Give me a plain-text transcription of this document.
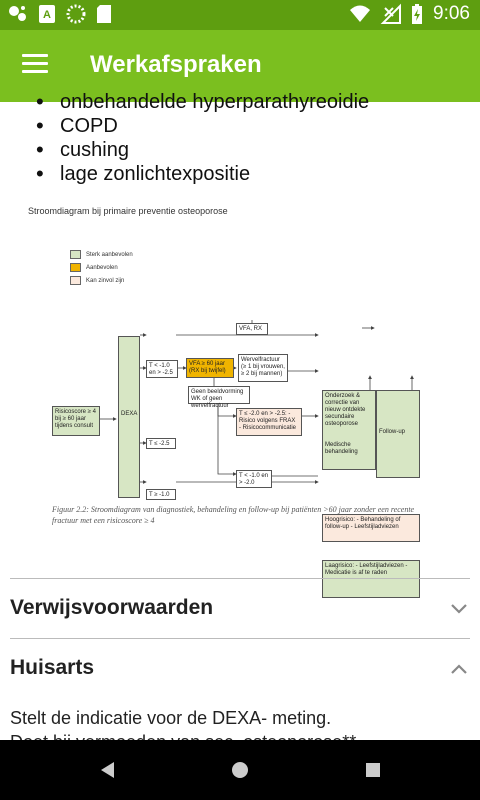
A	9:06
Werkafspraken
• onbehandelde hyperparathyreoidie
• COPD
• cushing
• lage zonlichtexpositie
Stroomdiagram bij primaire preventie osteoporose
Sterk aanbevolen
Aanbevolen
Kan zinvol zijn
Risicoscore ≥ 4 bij ≥ 60 jaar tijdens consult
DEXA
T ≤ -2.5
T < -1.0 en > -2.5
T ≥ -1.0
VFA, RX
VFA ≥ 60 jaar (RX bij twijfel)
Wervelfractuur (≥ 1 bij vrouwen, ≥ 2 bij mannen)
Geen beeldvorming WK of geen wervelfractuur
T ≤ -2.0 en > -2.5: - Risico volgens FRAX - Risicocommunicatie
T < -1.0 en > -2.0
Onderzoek & correctie van nieuw ontdekte secundaire osteoporose
Medische behandeling
Follow-up
Hoogrisico: - Behandeling of follow-up - Leefstijladviezen
Laagrisico: - Leefstijladviezen - Medicatie is af te raden
Figuur 2.2: Stroomdiagram van diagnostiek, behandeling en follow-up bij patiënten >60 jaar zonder een recente fractuur met een risicoscore ≥ 4
Verwijsvoorwaarden
Huisarts
Stelt de indicatie voor de DEXA- meting.
